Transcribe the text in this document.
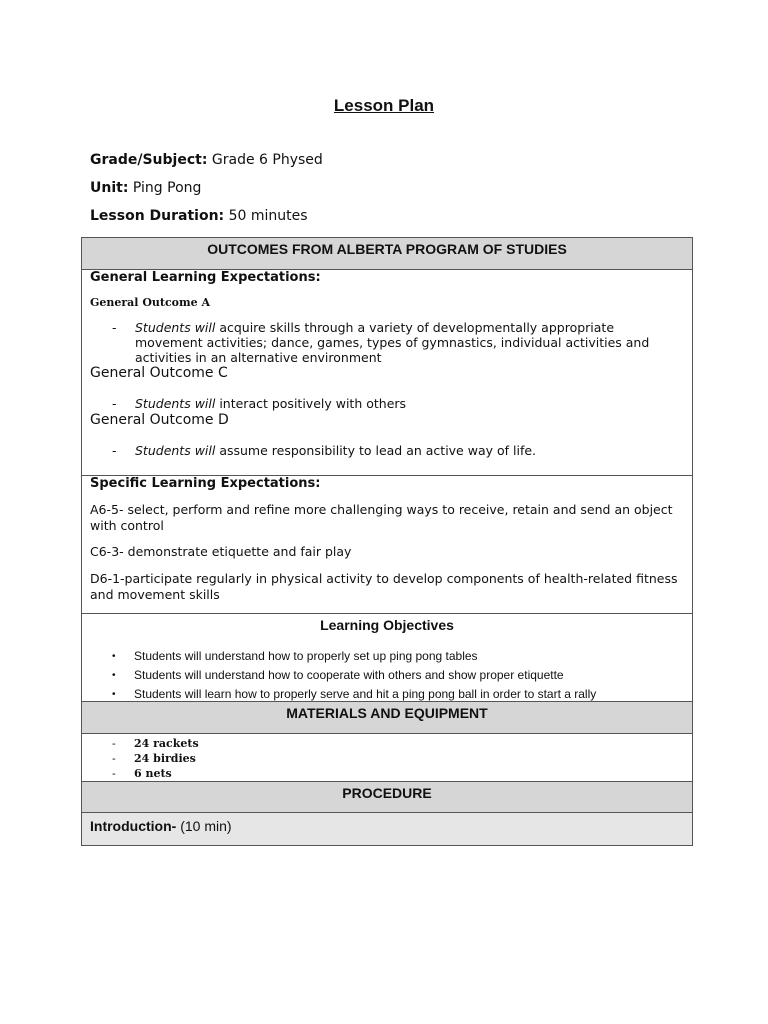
Lesson Plan
Grade/Subject: Grade 6 Physed
Unit: Ping Pong
Lesson Duration: 50 minutes
OUTCOMES FROM ALBERTA PROGRAM OF STUDIES
General Learning Expectations:
General Outcome A
- Students will acquire skills through a variety of developmentally appropriate movement activities; dance, games, types of gymnastics, individual activities and activities in an alternative environment
General Outcome C
- Students will interact positively with others
General Outcome D
- Students will assume responsibility to lead an active way of life.
Specific Learning Expectations:
A6-5- select, perform and refine more challenging ways to receive, retain and send an object with control
C6-3- demonstrate etiquette and fair play
D6-1-participate regularly in physical activity to develop components of health-related fitness and movement skills
Learning Objectives
• Students will understand how to properly set up ping pong tables
• Students will understand how to cooperate with others and show proper etiquette
• Students will learn how to properly serve and hit a ping pong ball in order to start a rally
MATERIALS AND EQUIPMENT
- 24 rackets
- 24 birdies
- 6 nets
PROCEDURE
Introduction- (10 min)
